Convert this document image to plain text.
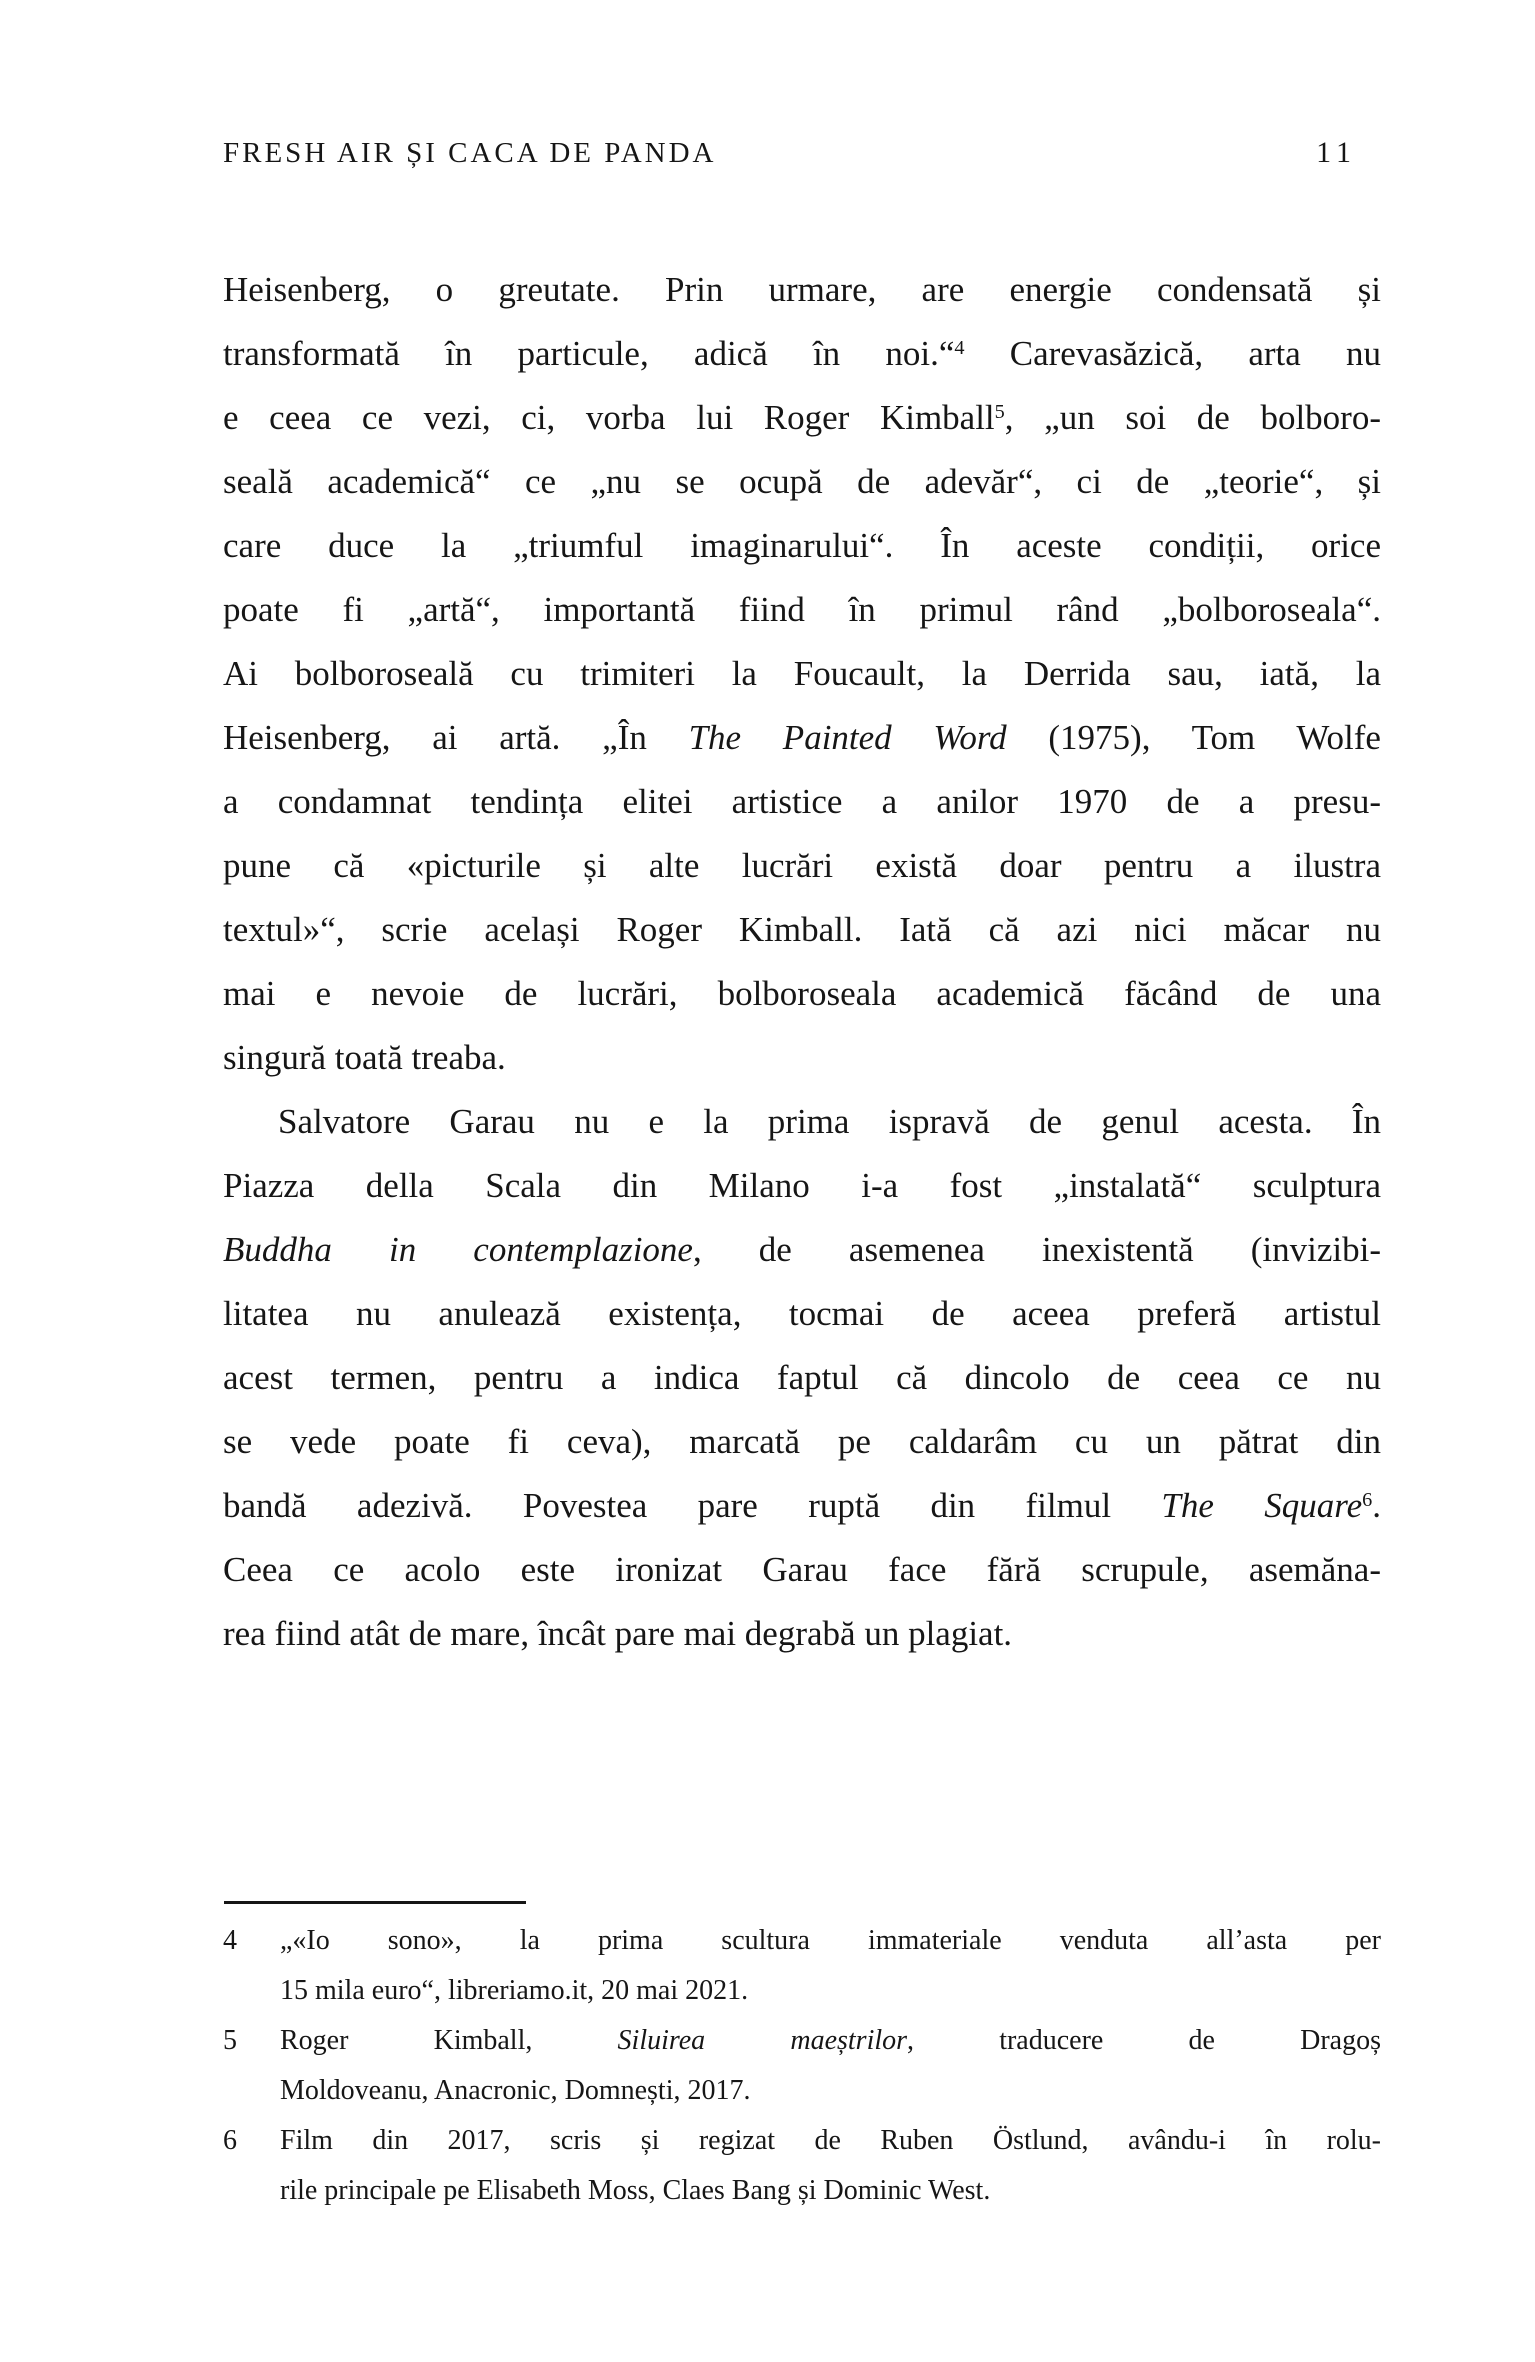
FRESH AIR ȘI CACA DE PANDA	11
Heisenberg, o greutate. Prin urmare, are energie condensată și
transformată în particule, adică în noi.“$^4$ Carevasăzică, arta nu
e ceea ce vezi, ci, vorba lui Roger Kimball$^5$, „un soi de bolboro-
seală academică“ ce „nu se ocupă de adevăr“, ci de „teorie“, și
care duce la „triumful imaginarului“. În aceste condiții, orice
poate fi „artă“, importantă fiind în primul rând „bolboroseala“.
Ai bolboroseală cu trimiteri la Foucault, la Derrida sau, iată, la
Heisenberg, ai artă. „În The Painted Word (1975), Tom Wolfe
a condamnat tendința elitei artistice a anilor 1970 de a presu-
pune că «picturile și alte lucrări există doar pentru a ilustra
textul»“, scrie același Roger Kimball. Iată că azi nici măcar nu
mai e nevoie de lucrări, bolboroseala academică făcând de una
singură toată treaba.
Salvatore Garau nu e la prima ispravă de genul acesta. În
Piazza della Scala din Milano i-a fost „instalată“ sculptura
Buddha in contemplazione, de asemenea inexistentă (invizibi-
litatea nu anulează existența, tocmai de aceea preferă artistul
acest termen, pentru a indica faptul că dincolo de ceea ce nu
se vede poate fi ceva), marcată pe caldarâm cu un pătrat din
bandă adezivă. Povestea pare ruptă din filmul The Square$^6$.
Ceea ce acolo este ironizat Garau face fără scrupule, asemăna-
rea fiind atât de mare, încât pare mai degrabă un plagiat.
4 „«Io sono», la prima scultura immateriale venduta all’asta per
15 mila euro“, libreriamo.it, 20 mai 2021.
5 Roger Kimball, Siluirea maeștrilor, traducere de Dragoș
Moldoveanu, Anacronic, Domnești, 2017.
6 Film din 2017, scris și regizat de Ruben Östlund, avându-i în rolu-
rile principale pe Elisabeth Moss, Claes Bang și Dominic West.
